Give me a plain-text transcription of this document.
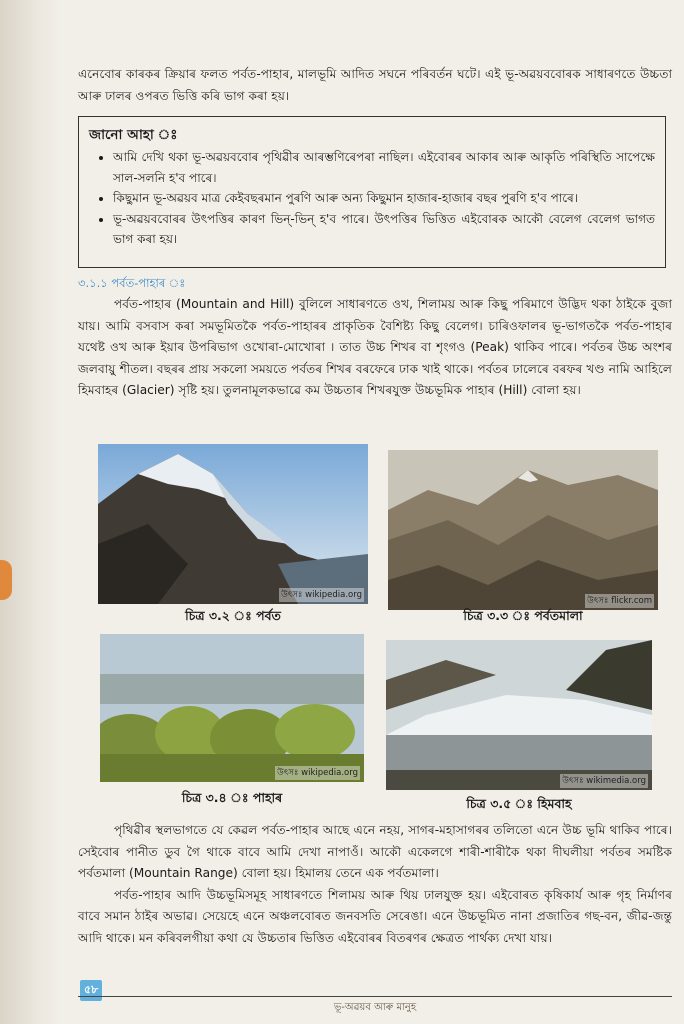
এনেবোৰ কাৰকৰ ক্ৰিয়াৰ ফলত পৰ্বত-পাহাৰ, মালভূমি আদিত সঘনে পৰিবৰ্তন ঘটে। এই ভূ-অৱয়ববোৰক সাধাৰণতে উচ্চতা আৰু ঢালৰ ওপৰত ভিত্তি কৰি ভাগ কৰা হয়।

জানো আহা ঃ
• আমি দেখি থকা ভূ-অৱয়ববোৰ পৃথিৱীৰ আৰম্ভণিৰেপৰা নাছিল। এইবোৰৰ আকাৰ আৰু আকৃতি পৰিস্থিতি সাপেক্ষে সাল-সলনি হ'ব পাৰে।
• কিছুমান ভূ-অৱয়ব মাত্ৰ কেইবছৰমান পুৰণি আৰু অন্য কিছুমান হাজাৰ-হাজাৰ বছৰ পুৰণি হ'ব পাৰে।
• ভূ-অৱয়ববোৰৰ উৎপত্তিৰ কাৰণ ভিন্-ভিন্ হ'ব পাৰে। উৎপত্তিৰ ভিত্তিত এইবোৰক আকৌ বেলেগ বেলেগ ভাগত ভাগ কৰা হয়।
৩.১.১ পৰ্বত-পাহাৰ ঃ

পৰ্বত-পাহাৰ (Mountain and Hill) বুলিলে সাধাৰণতে ওখ, শিলাময় আৰু কিছু পৰিমাণে উদ্ভিদ থকা ঠাইকে বুজা যায়। আমি বসবাস কৰা সমভূমিতকৈ পৰ্বত-পাহাৰৰ প্ৰাকৃতিক বৈশিষ্ট্য কিছু বেলেগ। চাৰিওফালৰ ভূ-ভাগতকৈ পৰ্বত-পাহাৰ যথেষ্ট ওখ আৰু ইয়াৰ উপৰিভাগ ওখোৰা-মোখোৰা । তাত উচ্চ শিখৰ বা শৃংগও (Peak) থাকিব পাৰে। পৰ্বতৰ উচ্চ অংশৰ জলবায়ু শীতল। বছৰৰ প্ৰায় সকলো সময়তে পৰ্বতৰ শিখৰ বৰফেৰে ঢাক খাই থাকে। পৰ্বতৰ ঢালেৰে বৰফৰ খণ্ড নামি আহিলে হিমবাহৰ (Glacier) সৃষ্টি হয়। তুলনামূলকভাৱে কম উচ্চতাৰ শিখৰযুক্ত উচ্চভূমিক পাহাৰ (Hill) বোলা হয়।

উৎসঃ wikipedia.org
চিত্ৰ ৩.২ ঃ পৰ্বত
উৎসঃ flickr.com
চিত্ৰ ৩.৩ ঃ পৰ্বতমালা
উৎসঃ wikipedia.org
চিত্ৰ ৩.৪ ঃ পাহাৰ
উৎসঃ wikimedia.org
চিত্ৰ ৩.৫ ঃ হিমবাহ

পৃথিৱীৰ স্থলভাগতে যে কেৱল পৰ্বত-পাহাৰ আছে এনে নহয়, সাগৰ-মহাসাগৰৰ তলিতো এনে উচ্চ ভূমি থাকিব পাৰে। সেইবোৰ পানীত ডুব গৈ থাকে বাবে আমি দেখা নাপাওঁ। আকৌ একেলগে শাৰী-শাৰীকৈ থকা দীঘলীয়া পৰ্বতৰ সমষ্টিক পৰ্বতমালা (Mountain Range) বোলা হয়। হিমালয় তেনে এক পৰ্বতমালা।

পৰ্বত-পাহাৰ আদি উচ্চভূমিসমূহ সাধাৰণতে শিলাময় আৰু থিয় ঢালযুক্ত হয়। এইবোৰত কৃষিকাৰ্য আৰু গৃহ নিৰ্মাণৰ বাবে সমান ঠাইৰ অভাৱ। সেয়েহে এনে অঞ্চলবোৰত জনবসতি সেৰেঙা। এনে উচ্চভূমিত নানা প্ৰজাতিৰ গছ-বন, জীৱ-জন্তু আদি থাকে। মন কৰিবলগীয়া কথা যে উচ্চতাৰ ভিত্তিত এইবোৰৰ বিতৰণৰ ক্ষেত্ৰত পাৰ্থক্য দেখা যায়।

৫৮
ভূ-অৱয়ব আৰু মানুহ
